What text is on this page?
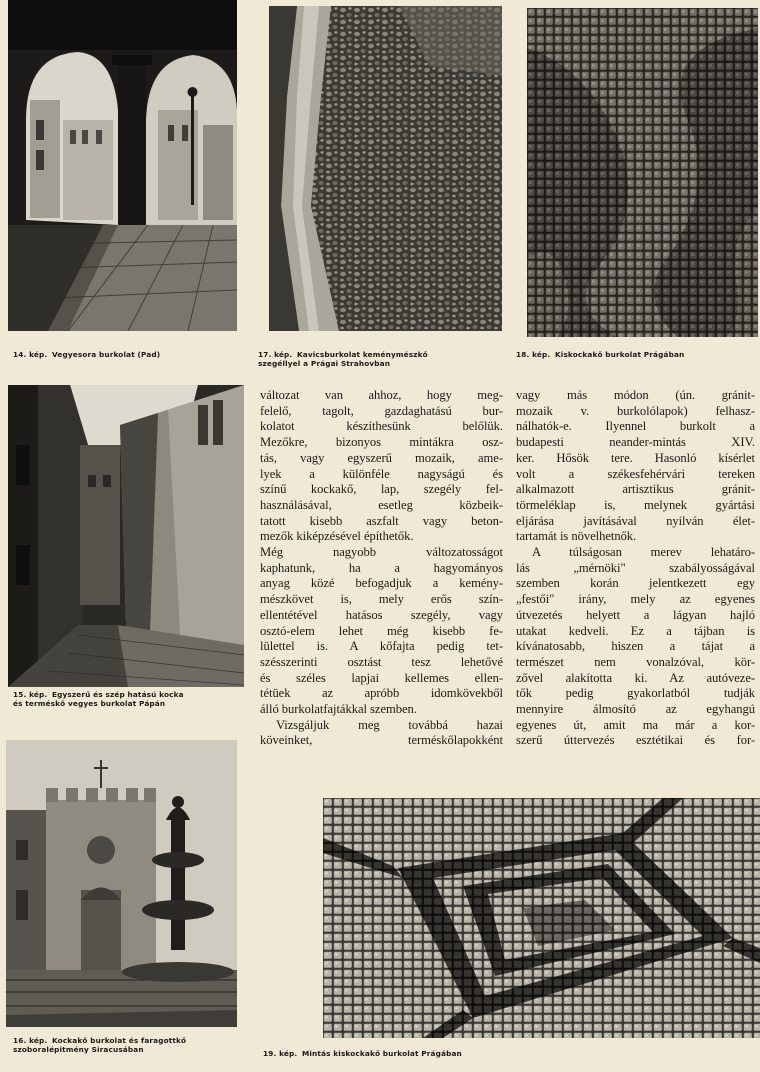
14. kép. Vegyesora burkolat (Pad)	17. kép. Kavicsburkolat keménymészkő
szegéllyel a Prágai Strahovban
18. kép. Kiskockakő burkolat Prágában
15. kép. Egyszerű és szép hatású kocka
és terméskő vegyes burkolat Pápán
16. kép. Kockakő burkolat és faragottkő
szoboralépitmény Siracusában	19. kép. Mintás kiskockakő burkolat Prágában
változat van ahhoz, hogy meg-
felelő, tagolt, gazdaghatású bur-
kolatot készíthesünk belőlük.
Mezőkre, bizonyos mintákra osz-
tás, vagy egyszerű mozaik, ame-
lyek a különféle nagyságú és
színű kockakő, lap, szegély fel-
használásával, esetleg közbeik-
tatott kisebb aszfalt vagy beton-
mezők kiképzésével építhetők.
Még nagyobb változatosságot
kaphatunk, ha a hagyományos
anyag közé befogadjuk a kemény-
mészkövet is, mely erős szín-
ellentétével hatásos szegély, vagy
osztó-elem lehet még kisebb fe-
lülettel is. A kőfajta pedig tet-
szésszerinti osztást tesz lehetővé
és széles lapjai kellemes ellen-
tétüek az apróbb idomkövekből
álló burkolatfajtákkal szemben.
Vizsgáljuk meg továbbá hazai
köveinket, terméskőlapokként
vagy más módon (ún. gránit-
mozaik v. burkolólapok) felhasz-
nálhatók-e. Ilyennel burkolt a
budapesti neander-mintás XIV.
ker. Hősök tere. Hasonló kísérlet
volt a székesfehérvári tereken
alkalmazott artisztikus gránit-
törmeléklap is, melynek gyártási
eljárása javításával nyilván élet-
tartamát is növelhetnők.
A túlságosan merev lehatáro-
lás „mérnöki" szabályosságával
szemben korán jelentkezett egy
„festői" irány, mely az egyenes
útvezetés helyett a lágyan hajló
utakat kedveli. Ez a tájban is
kívánatosabb, hiszen a tájat a
természet nem vonalzóval, kör-
zővel alakította ki. Az autóveze-
tők pedig gyakorlatból tudják
mennyire álmosító az egyhangú
egyenes út, amit ma már a kor-
szerű úttervezés esztétikai és for-
